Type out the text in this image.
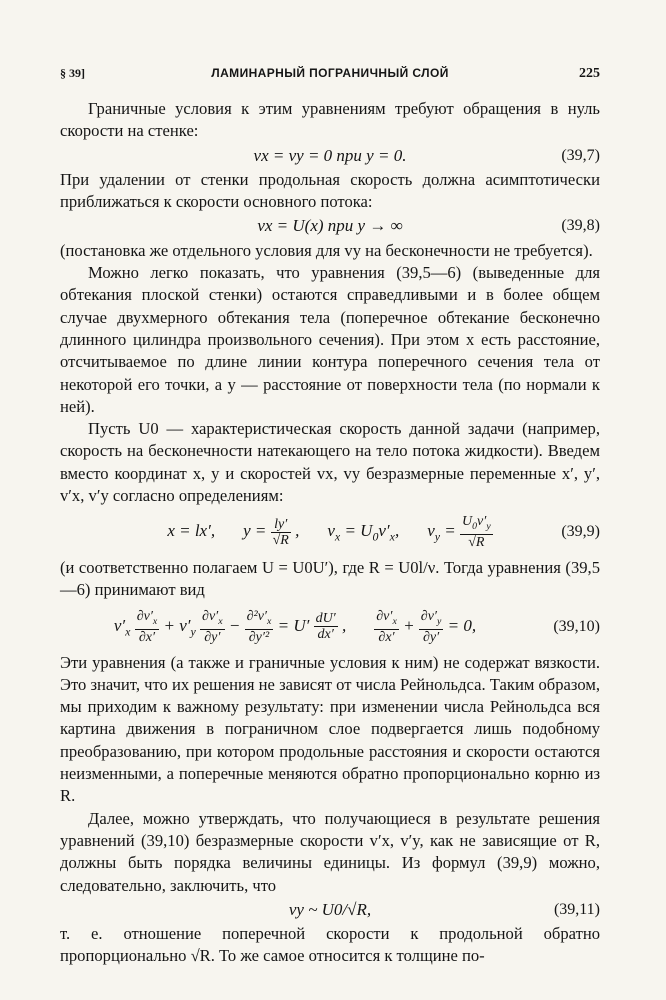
§ 39]	ЛАМИНАРНЫЙ ПОГРАНИЧНЫЙ СЛОЙ	225

Граничные условия к этим уравнениям требуют обращения в нуль скорости на стенке:

vx = vy = 0 при y = 0.	(39,7)

При удалении от стенки продольная скорость должна асимптотически приближаться к скорости основного потока:

vx = U(x) при y → ∞	(39,8)

(постановка же отдельного условия для vy на бесконечности не требуется).

Можно легко показать, что уравнения (39,5—6) (выведенные для обтекания плоской стенки) остаются справедливыми и в более общем случае двухмерного обтекания тела (поперечное обтекание бесконечно длинного цилиндра произвольного сечения). При этом x есть расстояние, отсчитываемое по длине линии контура поперечного сечения тела от некоторой его точки, а y — расстояние от поверхности тела (по нормали к ней).

Пусть U0 — характеристическая скорость данной задачи (например, скорость на бесконечности натекающего на тело потока жидкости). Введем вместо координат x, y и скоростей vx, vy безразмерные переменные x′, y′, v′x, v′y согласно определениям:

x = lx′, $y = \frac{ly'}{√R}$ , $v_x = U_0v'_x$, $v_y = \frac{U_0v'_y}{√R}$	(39,9)

(и соответственно полагаем U = U0U′), где R = U0l/ν. Тогда уравнения (39,5—6) принимают вид

$v'_x \frac{\partial v'_x}{\partial x'} + v'_y \frac{\partial v'_x}{\partial y'} - \frac{\partial^2v'_x}{\text{∂y′²}} = U' \frac{dU'}{dx'}$ , $\frac{\partial v'_x}{\partial x'} + \frac{\partial v'_y}{\partial y'} = 0$,	(39,10)

Эти уравнения (а также и граничные условия к ним) не содержат вязкости. Это значит, что их решения не зависят от числа Рейнольдса. Таким образом, мы приходим к важному результату: при изменении числа Рейнольдса вся картина движения в пограничном слое подвергается лишь подобному преобразованию, при котором продольные расстояния и скорости остаются неизменными, а поперечные меняются обратно пропорционально корню из R.

Далее, можно утверждать, что получающиеся в результате решения уравнений (39,10) безразмерные скорости v′x, v′y, как не зависящие от R, должны быть порядка величины единицы. Из формул (39,9) можно, следовательно, заключить, что

vy ~ U0/√R,	(39,11)

т. е. отношение поперечной скорости к продольной обратно пропорционально √R. То же самое относится к толщине по-
